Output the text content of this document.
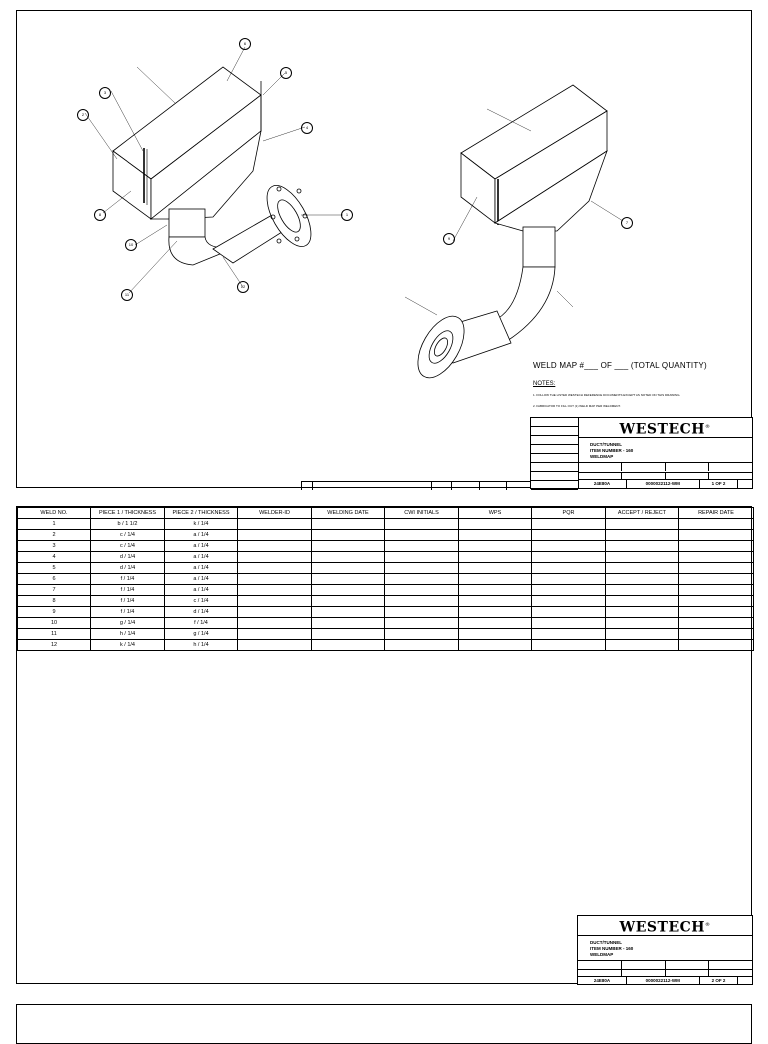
6
5
3
2
4
1
8
10
11
12
9
7
WELD MAP #___ OF ___ (TOTAL QUANTITY)
NOTES:
1. FOLLOW THE LISTED WESTECH REFERENCE DOCUMENTS EXCEPT AS NOTED ON THIS DRAWING.
2. FABRICATOR TO FILL OUT (1) WELD MAP PER WELDMENT.
WESTECH®
DUCT/TUNNEL
ITEM NUMBER - 160
WELDMAP
24E80A	0000022112-WM	1 OF 2
WELD NO.	PIECE 1 / THICKNESS	PIECE 2 / THICKNESS	WELDER-ID	WELDING DATE	CWI INITIALS	WPS	PQR	ACCEPT / REJECT	REPAIR DATE
1	b / 1 1/2	k / 1/4							
2	c / 1/4	a / 1/4							
3	c / 1/4	a / 1/4							
4	d / 1/4	a / 1/4							
5	d / 1/4	a / 1/4							
6	f / 1/4	a / 1/4							
7	f / 1/4	a / 1/4							
8	f / 1/4	c / 1/4							
9	f / 1/4	d / 1/4							
10	g / 1/4	f / 1/4							
11	h / 1/4	g / 1/4							
12	k / 1/4	h / 1/4							
WESTECH®
DUCT/TUNNEL
ITEM NUMBER - 160
WELDMAP
24E80A	0000022112-WM	2 OF 2
